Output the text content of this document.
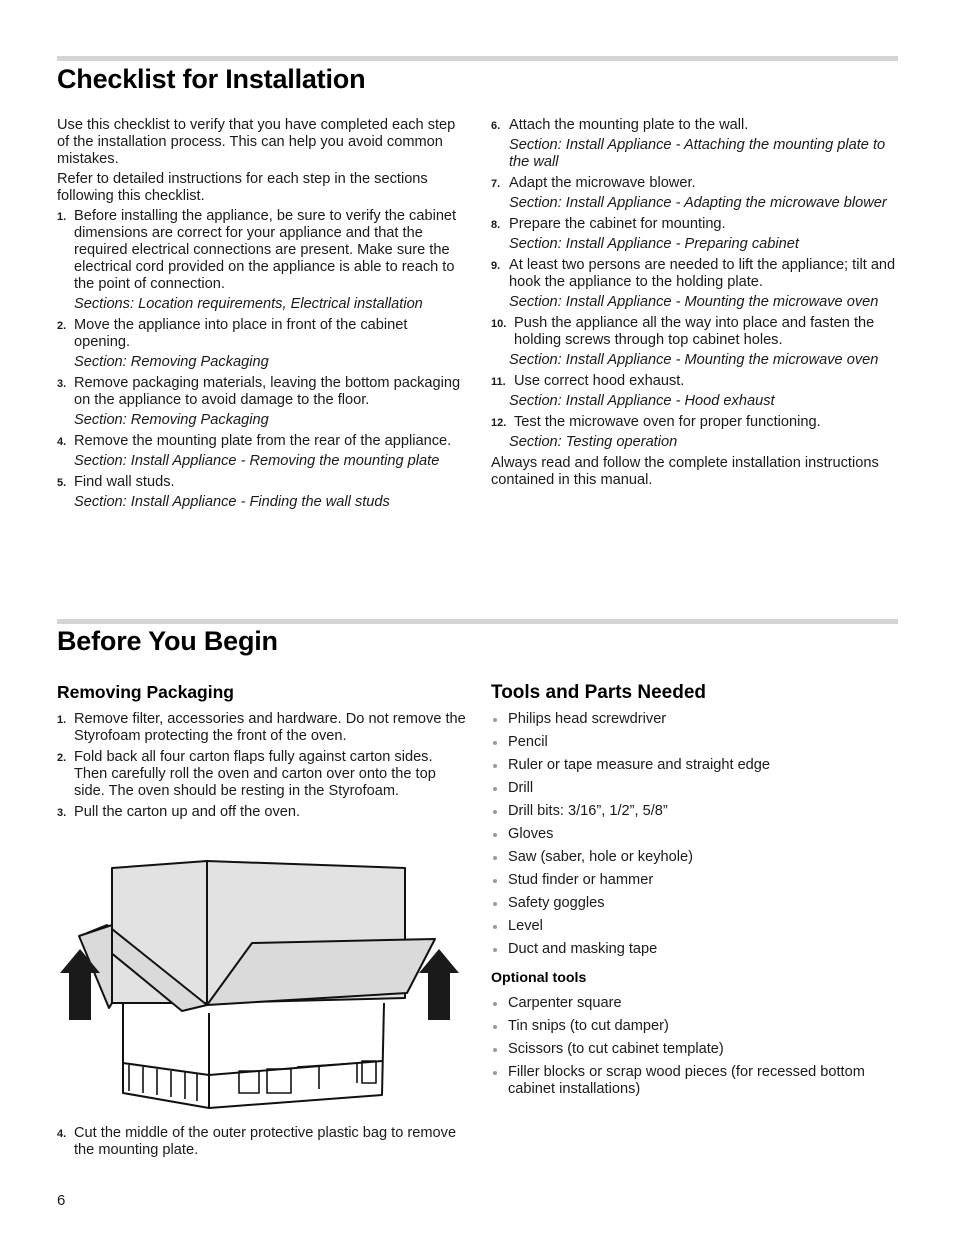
Checklist for Installation

Use this checklist to verify that you have completed each step of the installation process. This can help you avoid common mistakes.

Refer to detailed instructions for each step in the sections following this checklist.

1. Before installing the appliance, be sure to verify the cabinet dimensions are correct for your appliance and that the required electrical connections are present. Make sure the electrical cord provided on the appliance is able to reach to the point of connection.
Sections: Location requirements, Electrical installation
2. Move the appliance into place in front of the cabinet opening.
Section: Removing Packaging
3. Remove packaging materials, leaving the bottom packaging on the appliance to avoid damage to the floor.
Section: Removing Packaging
4. Remove the mounting plate from the rear of the appliance.
Section: Install Appliance - Removing the mounting plate
5. Find wall studs.
Section: Install Appliance - Finding the wall studs
6. Attach the mounting plate to the wall.
Section: Install Appliance - Attaching the mounting plate to the wall
7. Adapt the microwave blower.
Section: Install Appliance - Adapting the microwave blower
8. Prepare the cabinet for mounting.
Section: Install Appliance - Preparing cabinet
9. At least two persons are needed to lift the appliance; tilt and hook the appliance to the holding plate.
Section: Install Appliance - Mounting the microwave oven
10. Push the appliance all the way into place and fasten the holding screws through top cabinet holes.
Section: Install Appliance - Mounting the microwave oven
11. Use correct hood exhaust.
Section: Install Appliance - Hood exhaust
12. Test the microwave oven for proper functioning.
Section: Testing operation

Always read and follow the complete installation instructions contained in this manual.

Before You Begin
Removing Packaging
1. Remove filter, accessories and hardware. Do not remove the Styrofoam protecting the front of the oven.
2. Fold back all four carton flaps fully against carton sides. Then carefully roll the oven and carton over onto the top side. The oven should be resting in the Styrofoam.
3. Pull the carton up and off the oven.
4. Cut the middle of the outer protective plastic bag to remove the mounting plate.
Tools and Parts Needed
Philips head screwdriver
Pencil
Ruler or tape measure and straight edge
Drill
Drill bits: 3/16”, 1/2”, 5/8”
Gloves
Saw (saber, hole or keyhole)
Stud finder or hammer
Safety goggles
Level
Duct and masking tape
Optional tools
Carpenter square
Tin snips (to cut damper)
Scissors (to cut cabinet template)
Filler blocks or scrap wood pieces (for recessed bottom cabinet installations)
6
